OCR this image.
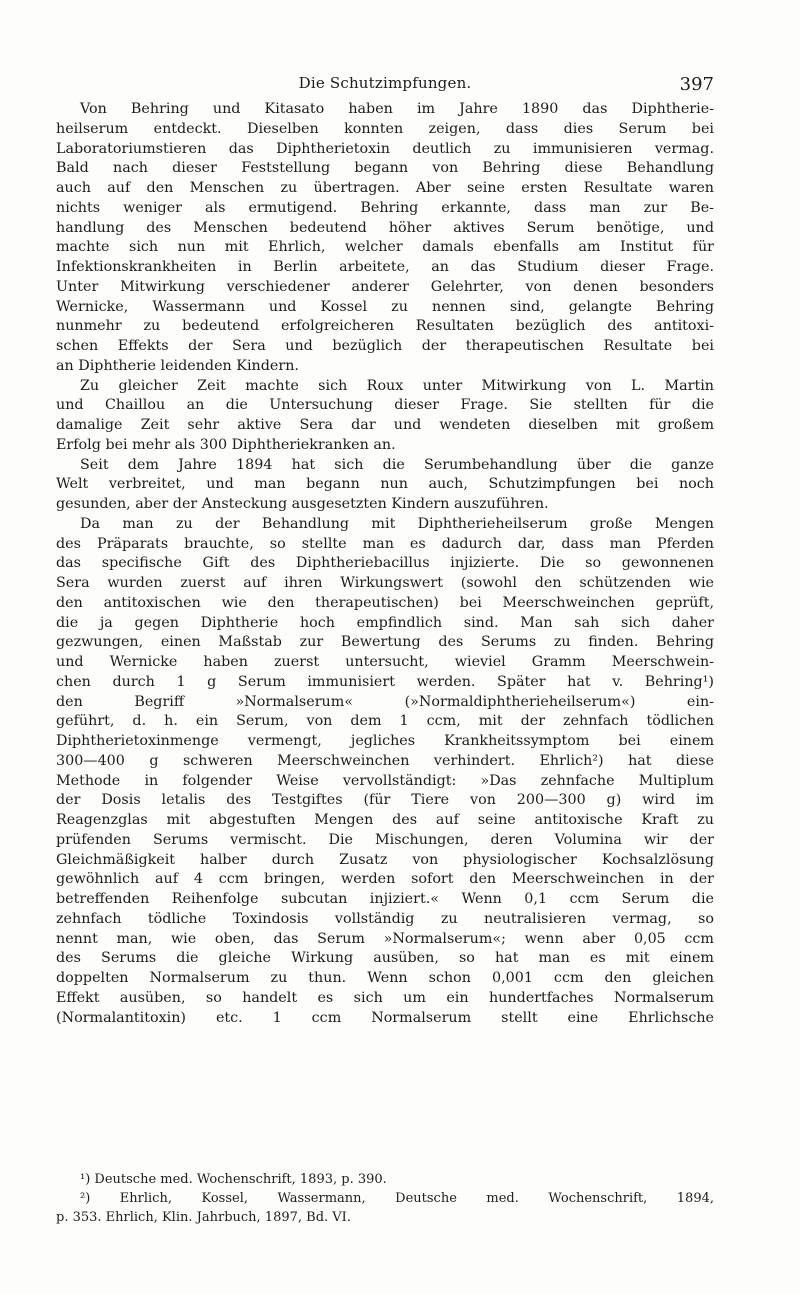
Die Schutzimpfungen.	397
Von Behring und Kitasato haben im Jahre 1890 das Diphtherie-
heilserum entdeckt. Dieselben konnten zeigen, dass dies Serum bei
Laboratoriumstieren das Diphtherietoxin deutlich zu immunisieren vermag.
Bald nach dieser Feststellung begann von Behring diese Behandlung
auch auf den Menschen zu übertragen. Aber seine ersten Resultate waren
nichts weniger als ermutigend. Behring erkannte, dass man zur Be-
handlung des Menschen bedeutend höher aktives Serum benötige, und
machte sich nun mit Ehrlich, welcher damals ebenfalls am Institut für
Infektionskrankheiten in Berlin arbeitete, an das Studium dieser Frage.
Unter Mitwirkung verschiedener anderer Gelehrter, von denen besonders
Wernicke, Wassermann und Kossel zu nennen sind, gelangte Behring
nunmehr zu bedeutend erfolgreicheren Resultaten bezüglich des antitoxi-
schen Effekts der Sera und bezüglich der therapeutischen Resultate bei
an Diphtherie leidenden Kindern.
Zu gleicher Zeit machte sich Roux unter Mitwirkung von L. Martin
und Chaillou an die Untersuchung dieser Frage. Sie stellten für die
damalige Zeit sehr aktive Sera dar und wendeten dieselben mit großem
Erfolg bei mehr als 300 Diphtheriekranken an.
Seit dem Jahre 1894 hat sich die Serumbehandlung über die ganze
Welt verbreitet, und man begann nun auch, Schutzimpfungen bei noch
gesunden, aber der Ansteckung ausgesetzten Kindern auszuführen.
Da man zu der Behandlung mit Diphtherieheilserum große Mengen
des Präparats brauchte, so stellte man es dadurch dar, dass man Pferden
das specifische Gift des Diphtheriebacillus injizierte. Die so gewonnenen
Sera wurden zuerst auf ihren Wirkungswert (sowohl den schützenden wie
den antitoxischen wie den therapeutischen) bei Meerschweinchen geprüft,
die ja gegen Diphtherie hoch empfindlich sind. Man sah sich daher
gezwungen, einen Maßstab zur Bewertung des Serums zu finden. Behring
und Wernicke haben zuerst untersucht, wieviel Gramm Meerschwein-
chen durch 1 g Serum immunisiert werden. Später hat v. Behring¹)
den Begriff »Normalserum« (»Normaldiphtherieheilserum«) ein-
geführt, d. h. ein Serum, von dem 1 ccm, mit der zehnfach tödlichen
Diphtherietoxinmenge vermengt, jegliches Krankheitssymptom bei einem
300—400 g schweren Meerschweinchen verhindert. Ehrlich²) hat diese
Methode in folgender Weise vervollständigt: »Das zehnfache Multiplum
der Dosis letalis des Testgiftes (für Tiere von 200—300 g) wird im
Reagenzglas mit abgestuften Mengen des auf seine antitoxische Kraft zu
prüfenden Serums vermischt. Die Mischungen, deren Volumina wir der
Gleichmäßigkeit halber durch Zusatz von physiologischer Kochsalzlösung
gewöhnlich auf 4 ccm bringen, werden sofort den Meerschweinchen in der
betreffenden Reihenfolge subcutan injiziert.« Wenn 0,1 ccm Serum die
zehnfach tödliche Toxindosis vollständig zu neutralisieren vermag, so
nennt man, wie oben, das Serum »Normalserum«; wenn aber 0,05 ccm
des Serums die gleiche Wirkung ausüben, so hat man es mit einem
doppelten Normalserum zu thun. Wenn schon 0,001 ccm den gleichen
Effekt ausüben, so handelt es sich um ein hundertfaches Normalserum
(Normalantitoxin) etc. 1 ccm Normalserum stellt eine Ehrlichsche
¹) Deutsche med. Wochenschrift, 1893, p. 390.
²) Ehrlich, Kossel, Wassermann, Deutsche med. Wochenschrift, 1894,
p. 353. Ehrlich, Klin. Jahrbuch, 1897, Bd. VI.
